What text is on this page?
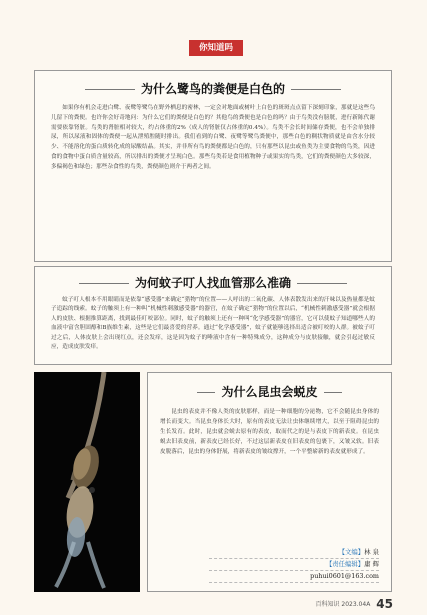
你知道吗

为什么鹭鸟的粪便是白色的

如果你有机会走进白鹭、夜鹭等鹭鸟在野外栖息的密林，一定会对地面或树叶上白色的斑斑点点留下深刻印象，那就是这些鸟儿留下的粪便。也许你会好奇地问：为什么它们的粪便是白色的？其他鸟的粪便也是白色的吗？由于鸟类没有膀胱，进行新陈代谢需要依靠肾脏。鸟类的肾脏相对较大，约占体重的2%（成人的肾脏仅占体重的0.4%）。鸟类不会长时间储存粪便，也不会单独排尿，所以尿液和固体的粪便一起从泄殖腔随时排出。我们看到的白鹭、夜鹭等鹭鸟粪便中，那些白色的稠状物质就是由含水分较少、不能溶化的蛋白质转化成的尿酸结晶。其实，并非所有鸟的粪便都是白色的，只有那些以昆虫或鱼类为主要食物的鸟类，因进食的食物中蛋白质含量较高，所以排出的粪便才呈现白色。那些鸟类若是食用植物种子或果实的鸟类，它们的粪便颜色大多较深，多偏褐色和绿色；那些杂食性的鸟类，粪便颜色则介于两者之间。

为何蚊子叮人找血管那么准确

蚊子叮人根本不用眼睛而是依靠“感受器”来确定“猎物”的位置——人呼出的二氧化碳、人体表散发出来的汗味以及热量都是蚊子追踪的线索。蚊子的触须上有一种叫“机械性刺激感受器”的器官，在蚊子确定“猎物”的位置以后，“机械性刺激感受器”就会根据人的皮肤、根据推算距离，找到最佳叮咬部位。同时，蚊子的触须上还有一种叫“化学感受器”的器官，它可以使蚊子知道哪些人的血液中富含胆固醇和B族维生素，这些是它们最喜爱的营养。通过“化学感受器”，蚊子就能够选择出适合被叮咬的人群。被蚊子叮过之后，人体皮肤上会出现红点，还会发痒，这是因为蚊子的唾液中含有一种特殊成分，这种成分与皮肤接触，就会引起过敏反应，造成皮肤发痒。

为什么昆虫会蜕皮

昆虫的表皮并不像人类的皮肤那样，而是一种细胞的分泌物，它不会随昆虫身体的增长而变大。当昆虫身体长大时，原有的表皮无法让虫体继续增大，以至于阻碍昆虫的生长发育。此时，昆虫就会蜕去原有的表皮，取而代之的是与表皮下的新表皮。在昆虫蜕去旧表皮前，新表皮已经长好，不过这层新表皮在旧表皮的包裹下，又皱又软。旧表皮脱落后，昆虫的身体舒展，将新表皮的皱纹撑开，一个平整崭新的表皮就形成了。

【文编】林 泉
【责任编辑】庸 辉
puhui0601@163.com
百科知识 2023.04A 45
